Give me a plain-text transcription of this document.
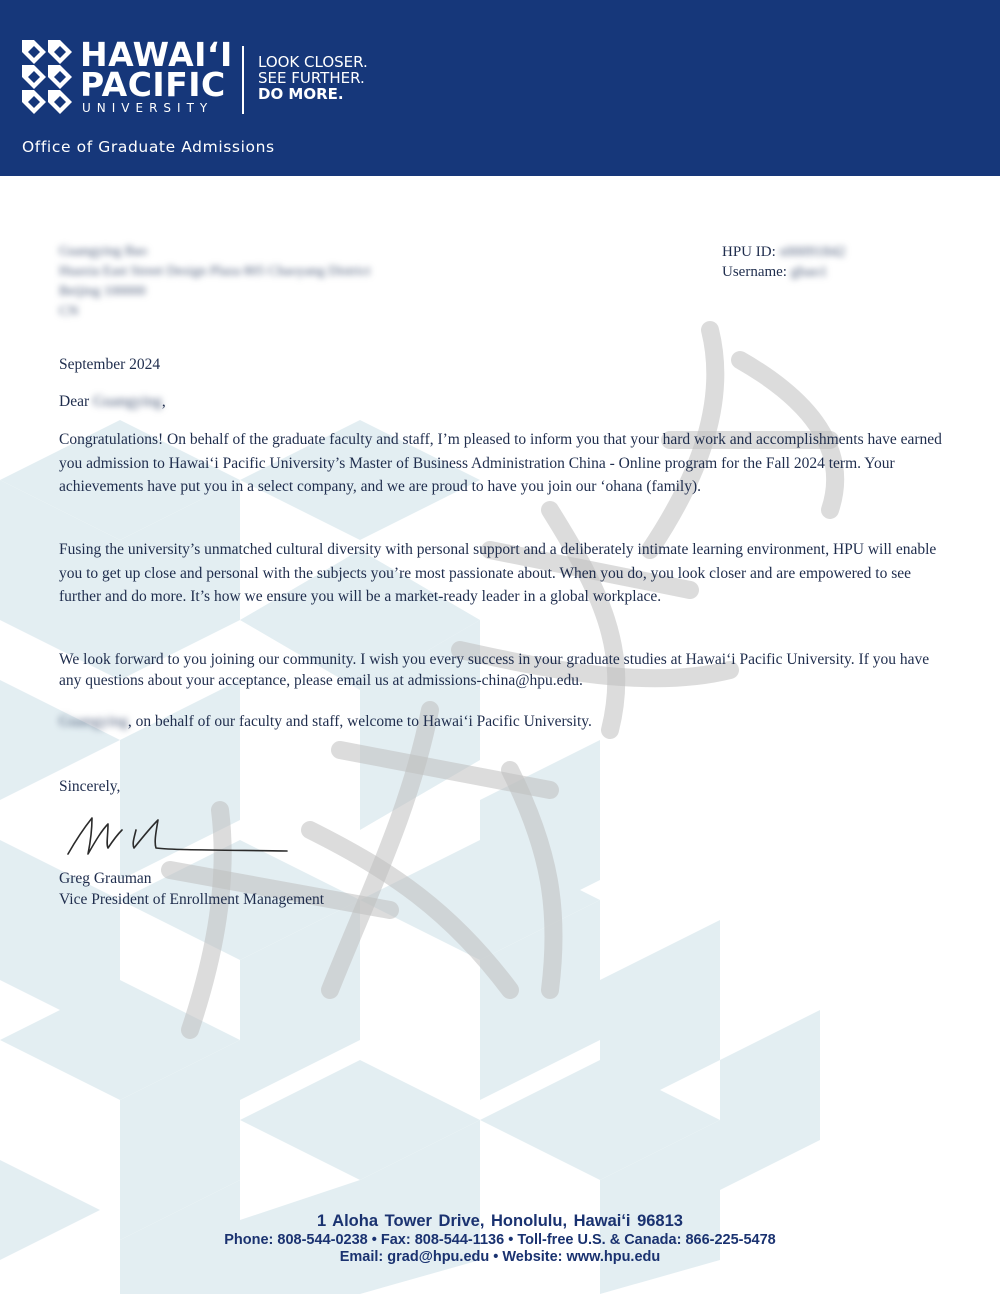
HAWAIʻI
PACIFIC
UNIVERSITY
LOOK CLOSER.
SEE FURTHER.
DO MORE.
Office of Graduate Admissions
Guangying Bao
Huaxia East Street Design Plaza 805 Chaoyang District
Beijing 100000
CN
HPU ID: s00091842
Username: gbao1
September 2024
Dear Guangying,
Congratulations! On behalf of the graduate faculty and staff, I’m pleased to inform you that your hard work and accomplishments have earned you admission to Hawaiʻi Pacific University’s Master of Business Administration China - Online program for the Fall 2024 term. Your achievements have put you in a select company, and we are proud to have you join our ʻohana (family).
Fusing the university’s unmatched cultural diversity with personal support and a deliberately intimate learning environment, HPU will enable you to get up close and personal with the subjects you’re most passionate about. When you do, you look closer and are empowered to see further and do more. It’s how we ensure you will be a market-ready leader in a global workplace.
We look forward to you joining our community. I wish you every success in your graduate studies at Hawaiʻi Pacific University. If you have any questions about your acceptance, please email us at admissions-china@hpu.edu.
Guangying, on behalf of our faculty and staff, welcome to Hawaiʻi Pacific University.
Sincerely,
Greg Grauman
Vice President of Enrollment Management
1 Aloha Tower Drive, Honolulu, Hawaiʻi 96813
Phone: 808-544-0238 • Fax: 808-544-1136 • Toll-free U.S. & Canada: 866-225-5478
Email: grad@hpu.edu • Website: www.hpu.edu
